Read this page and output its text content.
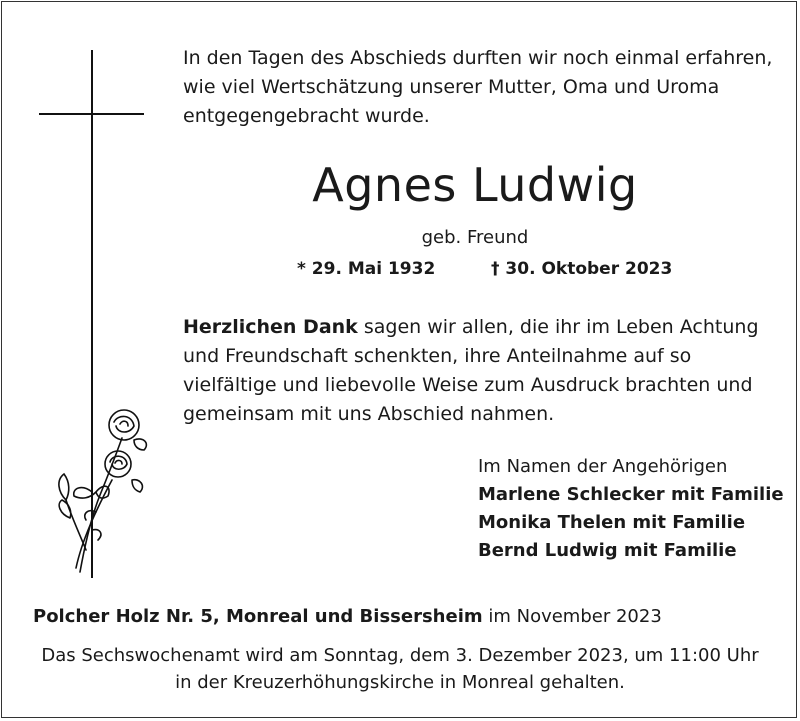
In den Tagen des Abschieds durften wir noch einmal erfahren,
wie viel Wertschätzung unserer Mutter, Oma und Uroma
entgegengebracht wurde.
Agnes Ludwig
geb. Freund
* 29. Mai 1932	† 30. Oktober 2023
Herzlichen Dank sagen wir allen, die ihr im Leben Achtung
und Freundschaft schenkten, ihre Anteilnahme auf so
vielfältige und liebevolle Weise zum Ausdruck brachten und
gemeinsam mit uns Abschied nahmen.
Im Namen der Angehörigen
Marlene Schlecker mit Familie
Monika Thelen mit Familie
Bernd Ludwig mit Familie
Polcher Holz Nr. 5, Monreal und Bissersheim im November 2023
Das Sechswochenamt wird am Sonntag, dem 3. Dezember 2023, um 11:00 Uhr
in der Kreuzerhöhungskirche in Monreal gehalten.
